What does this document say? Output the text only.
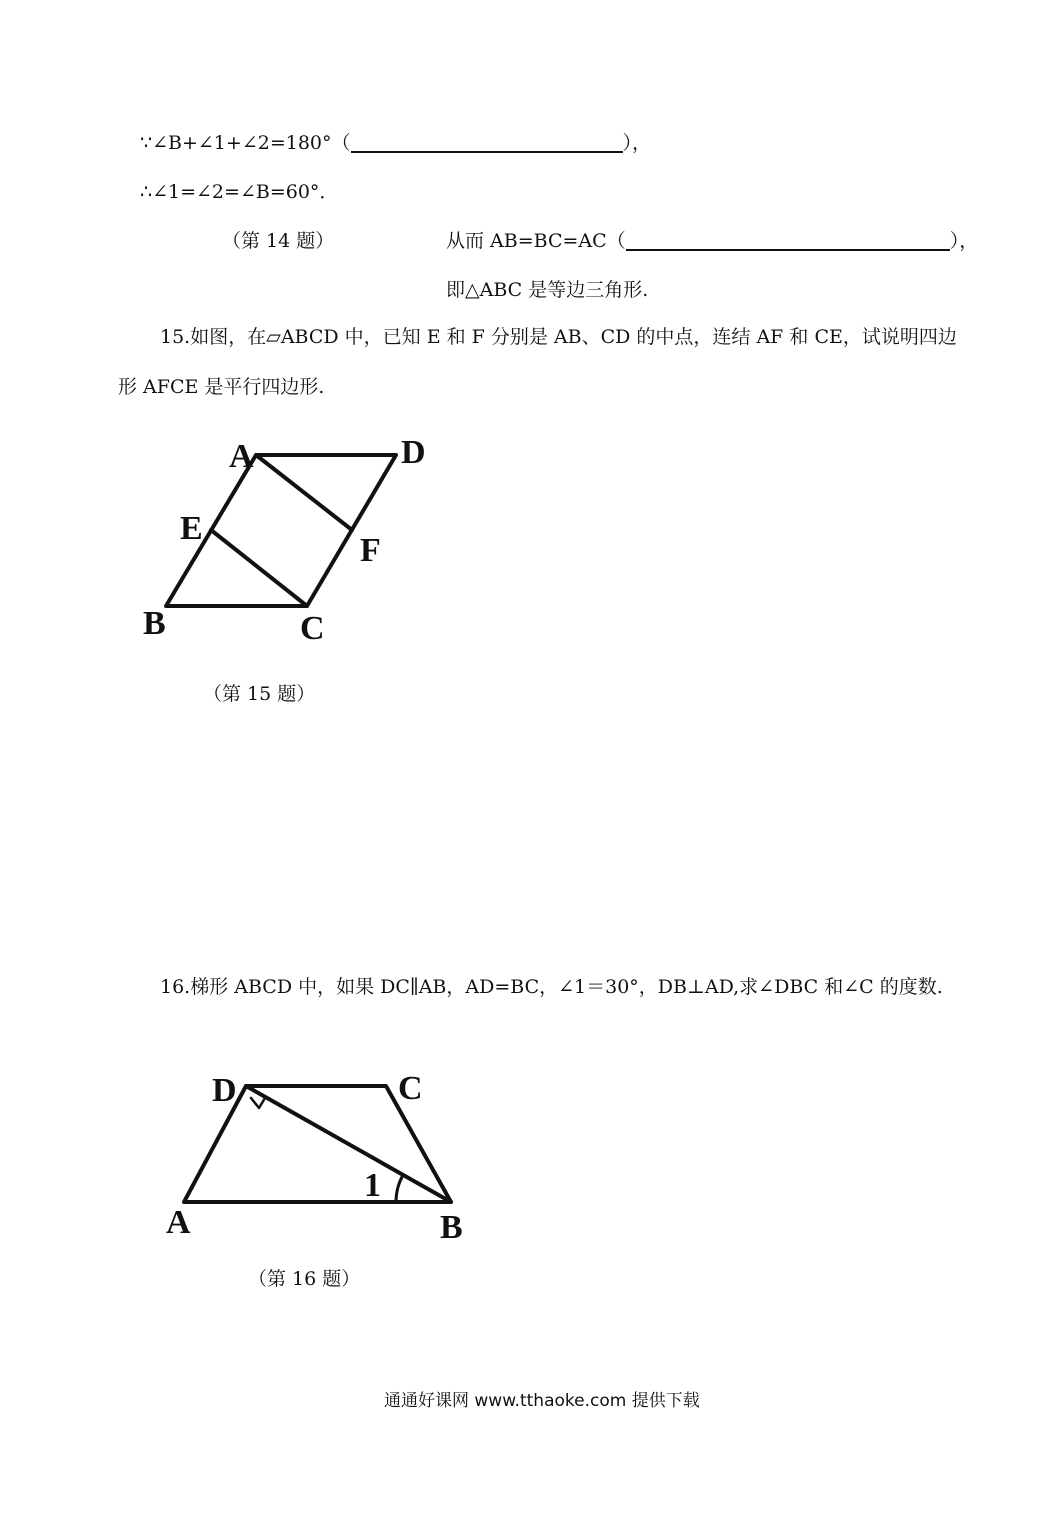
∵∠B+∠1+∠2=180°（	），
∴∠1=∠2=∠B=60°．
（第 14 题）	从而 AB=BC=AC（	），
即△ABC 是等边三角形.
15.如图，在▱ABCD 中，已知 E 和 F 分别是 AB、CD 的中点，连结 AF 和 CE，试说明四边
形 AFCE 是平行四边形.
A	D
E
F
B	C
D	C
A	B
1
（第 15 题）
16.梯形 ABCD 中，如果 DC∥AB，AD=BC，∠1＝30°，DB⊥AD,求∠DBC 和∠C 的度数.
（第 16 题）
通通好课网 www.tthaoke.com 提供下载
